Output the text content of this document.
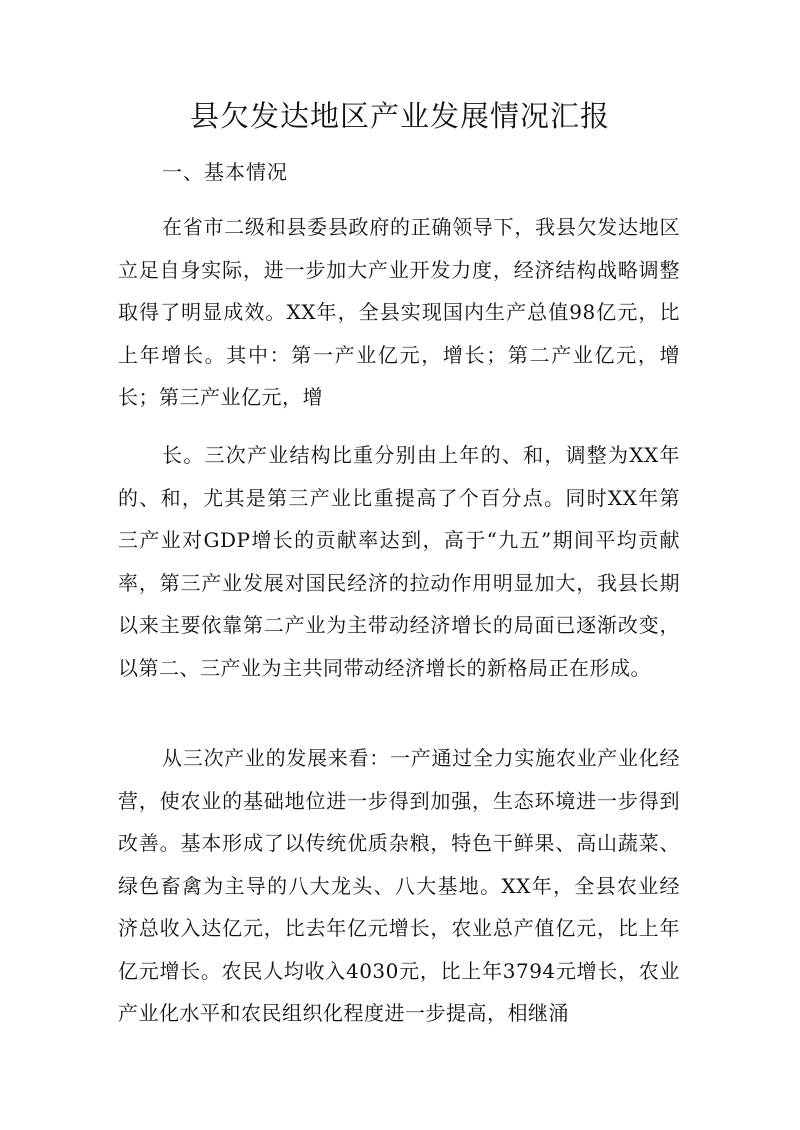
县欠发达地区产业发展情况汇报
一、基本情况

在省市二级和县委县政府的正确领导下，我县欠发达地区立足自身实际，进一步加大产业开发力度，经济结构战略调整取得了明显成效。XX年，全县实现国内生产总值98亿元，比上年增长。其中：第一产业亿元，增长；第二产业亿元，增长；第三产业亿元，增

长。三次产业结构比重分别由上年的、和，调整为XX年的、和，尤其是第三产业比重提高了个百分点。同时XX年第三产业对GDP增长的贡献率达到，高于“九五”期间平均贡献率，第三产业发展对国民经济的拉动作用明显加大，我县长期以来主要依靠第二产业为主带动经济增长的局面已逐渐改变，以第二、三产业为主共同带动经济增长的新格局正在形成。

从三次产业的发展来看：一产通过全力实施农业产业化经营，使农业的基础地位进一步得到加强，生态环境进一步得到改善。基本形成了以传统优质杂粮，特色干鲜果、高山蔬菜、绿色畜禽为主导的八大龙头、八大基地。XX年，全县农业经济总收入达亿元，比去年亿元增长，农业总产值亿元，比上年亿元增长。农民人均收入4030元，比上年3794元增长，农业产业化水平和农民组织化程度进一步提高，相继涌
